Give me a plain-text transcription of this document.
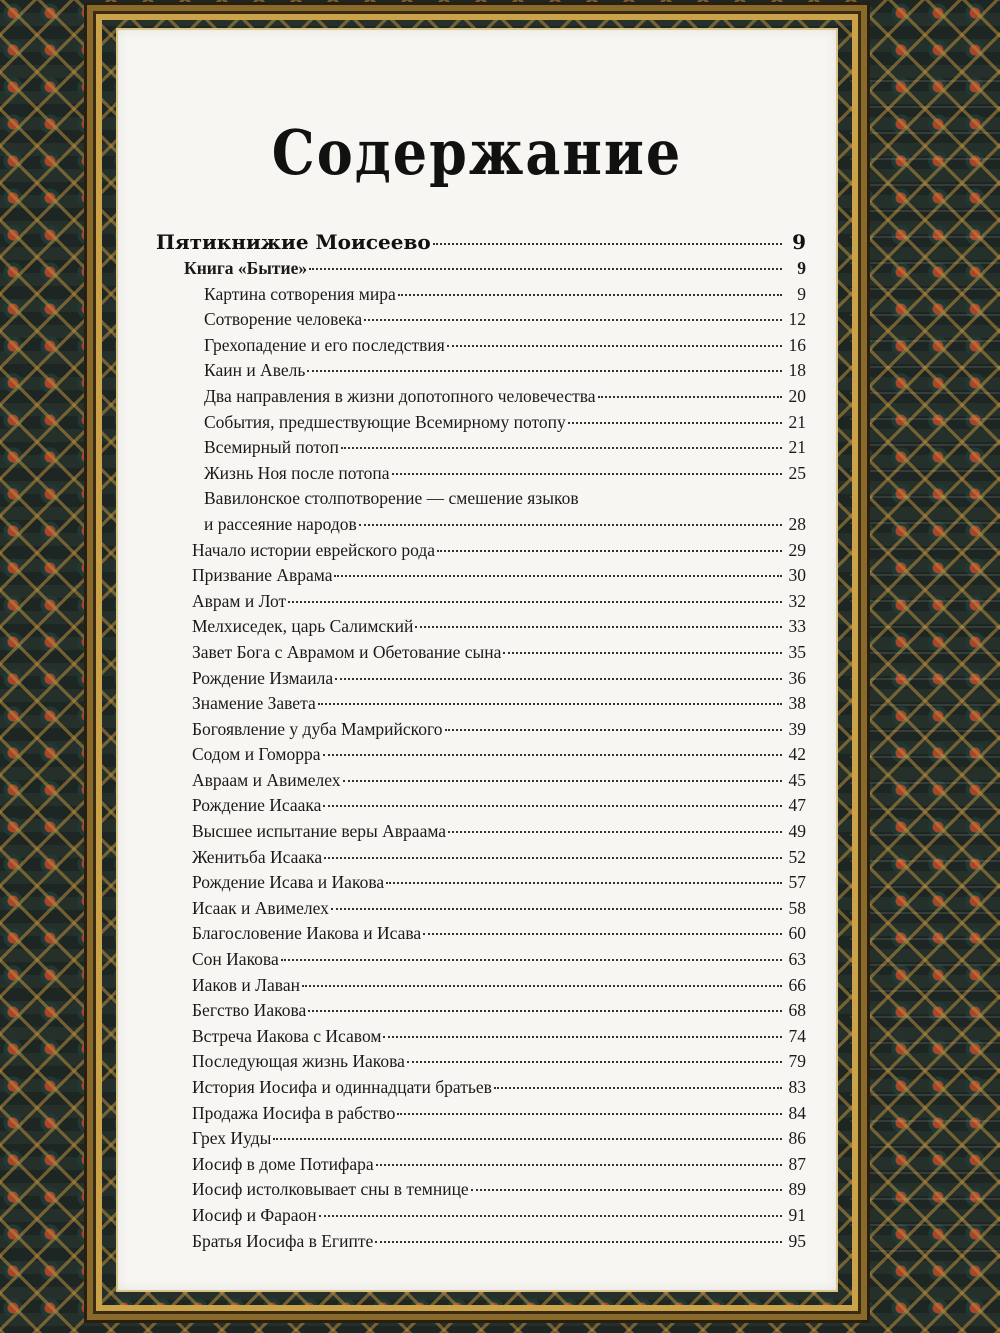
Содержание
Пятикнижие Моисеево	9
Книга «Бытие»	9
Картина сотворения мира	9
Сотворение человека	12
Грехопадение и его последствия	16
Каин и Авель	18
Два направления в жизни допотопного человечества	20
События, предшествующие Всемирному потопу	21
Всемирный потоп	21
Жизнь Ноя после потопа	25
Вавилонское столпотворение — смешение языков
и рассеяние народов	28
Начало истории еврейского рода	29
Призвание Аврама	30
Аврам и Лот	32
Мелхиседек, царь Салимский	33
Завет Бога с Аврамом и Обетование сына	35
Рождение Измаила	36
Знамение Завета	38
Богоявление у дуба Мамрийского	39
Содом и Гоморра	42
Авраам и Авимелех	45
Рождение Исаака	47
Высшее испытание веры Авраама	49
Женитьба Исаака	52
Рождение Исава и Иакова	57
Исаак и Авимелех	58
Благословение Иакова и Исава	60
Сон Иакова	63
Иаков и Лаван	66
Бегство Иакова	68
Встреча Иакова с Исавом	74
Последующая жизнь Иакова	79
История Иосифа и одиннадцати братьев	83
Продажа Иосифа в рабство	84
Грех Иуды	86
Иосиф в доме Потифара	87
Иосиф истолковывает сны в темнице	89
Иосиф и Фараон	91
Братья Иосифа в Египте	95
